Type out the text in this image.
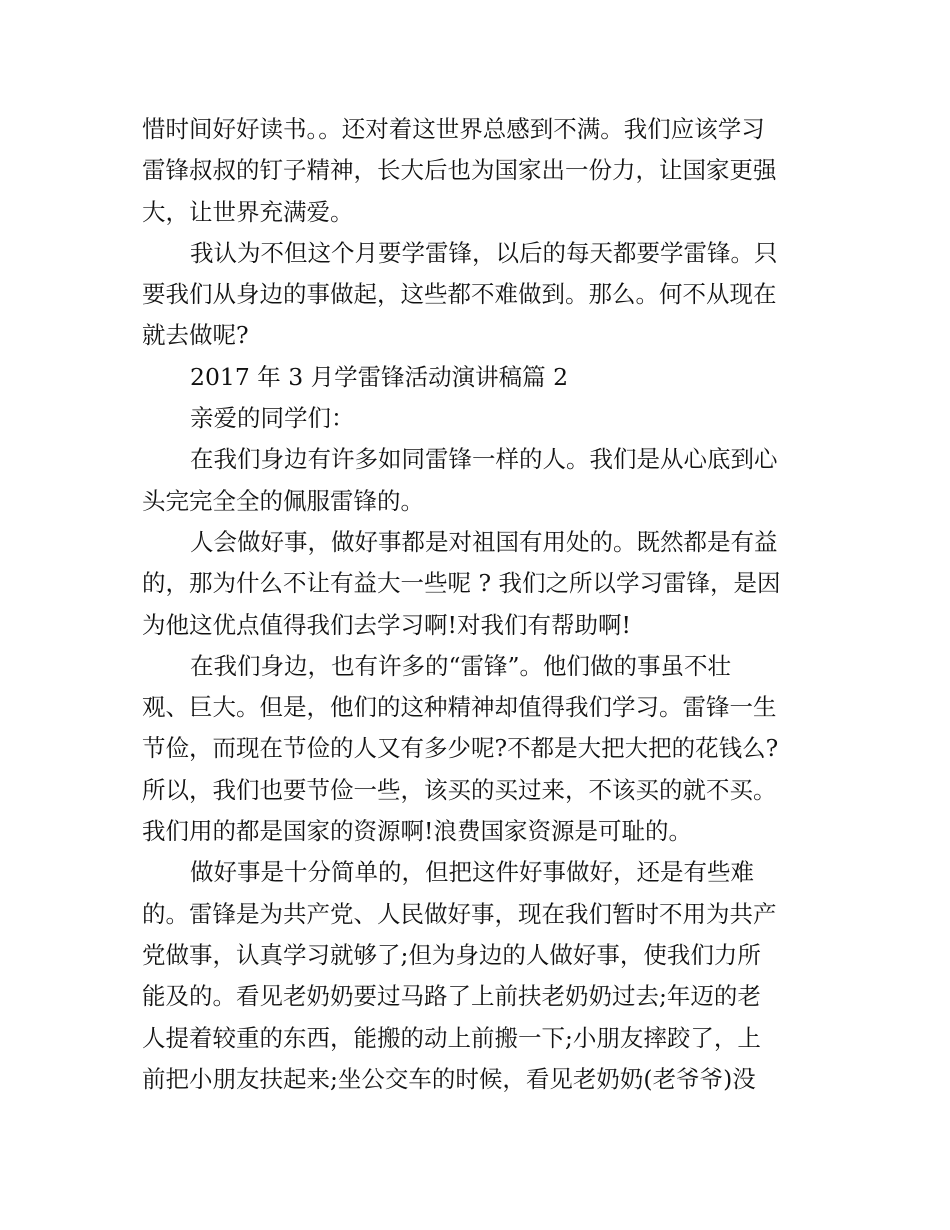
惜时间好好读书。。还对着这世界总感到不满。我们应该学习
雷锋叔叔的钉子精神，长大后也为国家出一份力，让国家更强
大，让世界充满爱。
我认为不但这个月要学雷锋，以后的每天都要学雷锋。只
要我们从身边的事做起，这些都不难做到。那么。何不从现在
就去做呢?
2017 年 3 月学雷锋活动演讲稿篇 2
亲爱的同学们：
在我们身边有许多如同雷锋一样的人。我们是从心底到心
头完完全全的佩服雷锋的。
人会做好事，做好事都是对祖国有用处的。既然都是有益
的，那为什么不让有益大一些呢 ? 我们之所以学习雷锋，是因
为他这优点值得我们去学习啊!对我们有帮助啊!
在我们身边，也有许多的“雷锋”。他们做的事虽不壮
观、巨大。但是，他们的这种精神却值得我们学习。雷锋一生
节俭，而现在节俭的人又有多少呢?不都是大把大把的花钱么?
所以，我们也要节俭一些，该买的买过来，不该买的就不买。
我们用的都是国家的资源啊!浪费国家资源是可耻的。
做好事是十分简单的，但把这件好事做好，还是有些难
的。雷锋是为共产党、人民做好事，现在我们暂时不用为共产
党做事，认真学习就够了;但为身边的人做好事，使我们力所
能及的。看见老奶奶要过马路了上前扶老奶奶过去;年迈的老
人提着较重的东西，能搬的动上前搬一下;小朋友摔跤了，上
前把小朋友扶起来;坐公交车的时候，看见老奶奶(老爷爷)没
